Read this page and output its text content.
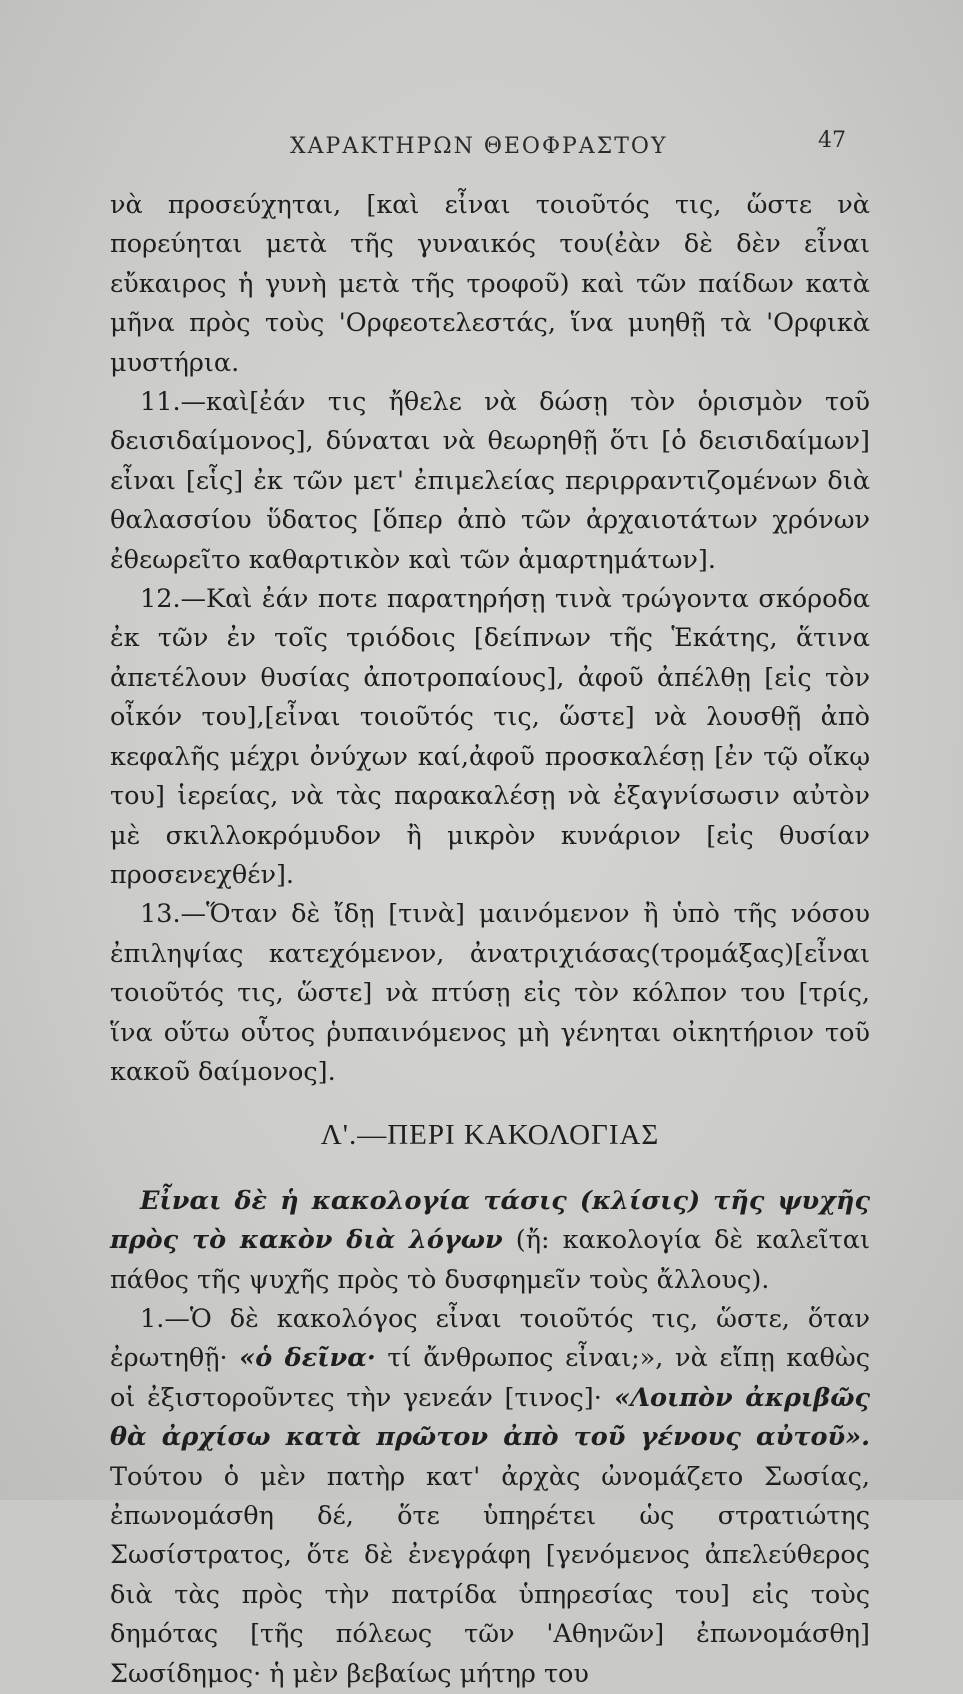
ΧΑΡΑΚΤΗΡΩΝ ΘΕΟΦΡΑΣΤΟΥ	47

νὰ προσεύχηται, [καὶ εἶναι τοιοῦτός τις, ὥστε νὰ πορεύηται μετὰ τῆς γυναικός του(ἐὰν δὲ δὲν εἶναι εὔκαιρος ἡ γυνὴ μετὰ τῆς τροφοῦ) καὶ τῶν παίδων κατὰ μῆνα πρὸς τοὺς 'Ορφεοτελεστάς, ἵνα μυηθῇ τὰ 'Ορφικὰ μυστήρια.

11.—καὶ[ἐάν τις ἤθελε νὰ δώσῃ τὸν ὁρισμὸν τοῦ δεισιδαίμονος], δύναται νὰ θεωρηθῇ ὅτι [ὁ δεισιδαίμων] εἶναι [εἷς] ἐκ τῶν μετ' ἐπιμελείας περιρραντιζομένων διὰ θαλασσίου ὕδατος [ὅπερ ἀπὸ τῶν ἀρχαιοτάτων χρόνων ἐθεωρεῖτο καθαρτικὸν καὶ τῶν ἁμαρτημάτων].

12.—Καὶ ἐάν ποτε παρατηρήσῃ τινὰ τρώγοντα σκόροδα ἐκ τῶν ἐν τοῖς τριόδοις [δείπνων τῆς Ἑκάτης, ἅτινα ἀπετέλουν θυσίας ἀποτροπαίους], ἀφοῦ ἀπέλθῃ [εἰς τὸν οἶκόν του],[εἶναι τοιοῦτός τις, ὥστε] νὰ λουσθῇ ἀπὸ κεφαλῆς μέχρι ὀνύχων καί,ἀφοῦ προσκαλέσῃ [ἐν τῷ οἴκῳ του] ἱερείας, νὰ τὰς παρακαλέσῃ νὰ ἐξαγνίσωσιν αὐτὸν μὲ σκιλλοκρόμυδον ἢ μικρὸν κυνάριον [εἰς θυσίαν προσενεχθέν].

13.—Ὅταν δὲ ἴδῃ [τινὰ] μαινόμενον ἢ ὑπὸ τῆς νόσου ἐπιληψίας κατεχόμενον, ἀνατριχιάσας(τρομάξας)[εἶναι τοιοῦτός τις, ὥστε] νὰ πτύσῃ εἰς τὸν κόλπον του [τρίς, ἵνα οὕτω οὗτος ῥυπαινόμενος μὴ γένηται οἰκητήριον τοῦ κακοῦ δαίμονος].

Λ'.—ΠΕΡΙ ΚΑΚΟΛΟΓΙΑΣ

Εἶναι δὲ ἡ κακολογία τάσις (κλίσις) τῆς ψυχῆς πρὸς τὸ κακὸν διὰ λόγων (ἤ: κακολογία δὲ καλεῖται πάθος τῆς ψυχῆς πρὸς τὸ δυσφημεῖν τοὺς ἄλλους).

1.—Ὁ δὲ κακολόγος εἶναι τοιοῦτός τις, ὥστε, ὅταν ἐρωτηθῇ· «ὁ δεῖνα· τί ἄνθρωπος εἶναι;», νὰ εἴπῃ καθὼς οἱ ἐξιστοροῦντες τὴν γενεάν [τινος]· «Λοιπὸν ἀκριβῶς θὰ ἀρχίσω κατὰ πρῶτον ἀπὸ τοῦ γένους αὐτοῦ». Τούτου ὁ μὲν πατὴρ κατ' ἀρχὰς ὠνομάζετο Σωσίας, ἐπωνομάσθη δέ, ὅτε ὑπηρέτει ὡς στρατιώτης Σωσίστρατος, ὅτε δὲ ἐνεγράφη [γενόμενος ἀπελεύθερος διὰ τὰς πρὸς τὴν πατρίδα ὑπηρεσίας του] εἰς τοὺς δημότας [τῆς πόλεως τῶν 'Αθηνῶν] ἐπωνομάσθη] Σωσίδημος· ἡ μὲν βεβαίως μήτηρ του
